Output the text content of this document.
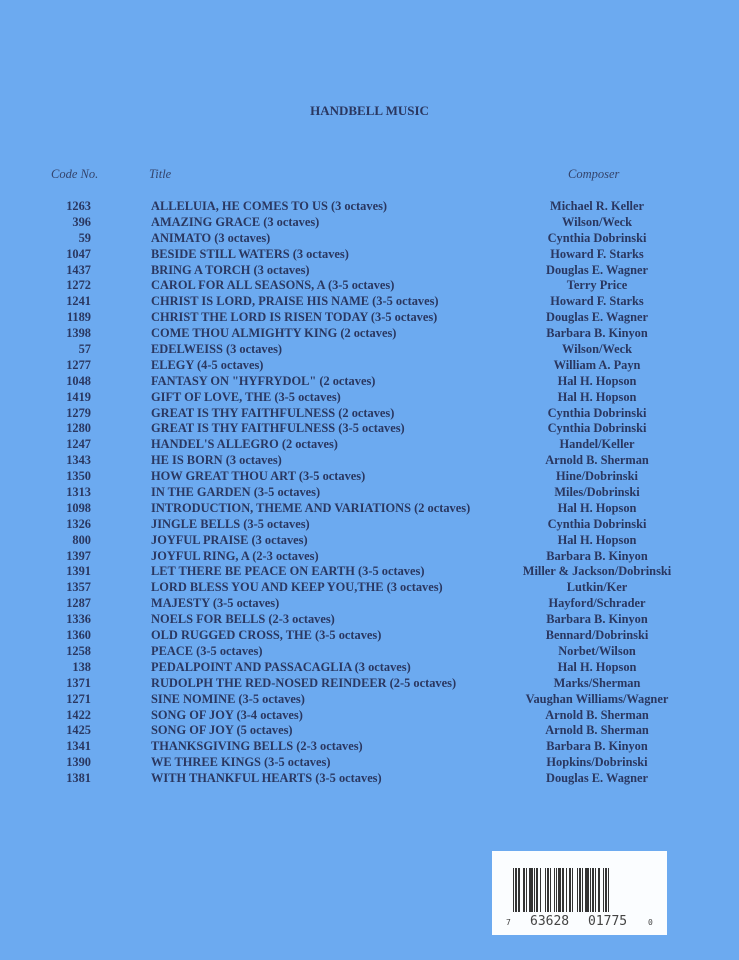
HANDBELL MUSIC
Code No.	Title	Composer
1263	ALLELUIA, HE COMES TO US (3 octaves)	Michael R. Keller
396	AMAZING GRACE (3 octaves)	Wilson/Weck
59	ANIMATO (3 octaves)	Cynthia Dobrinski
1047	BESIDE STILL WATERS (3 octaves)	Howard F. Starks
1437	BRING A TORCH (3 octaves)	Douglas E. Wagner
1272	CAROL FOR ALL SEASONS, A (3-5 octaves)	Terry Price
1241	CHRIST IS LORD, PRAISE HIS NAME (3-5 octaves)	Howard F. Starks
1189	CHRIST THE LORD IS RISEN TODAY (3-5 octaves)	Douglas E. Wagner
1398	COME THOU ALMIGHTY KING (2 octaves)	Barbara B. Kinyon
57	EDELWEISS (3 octaves)	Wilson/Weck
1277	ELEGY (4-5 octaves)	William A. Payn
1048	FANTASY ON "HYFRYDOL" (2 octaves)	Hal H. Hopson
1419	GIFT OF LOVE, THE (3-5 octaves)	Hal H. Hopson
1279	GREAT IS THY FAITHFULNESS (2 octaves)	Cynthia Dobrinski
1280	GREAT IS THY FAITHFULNESS (3-5 octaves)	Cynthia Dobrinski
1247	HANDEL'S ALLEGRO (2 octaves)	Handel/Keller
1343	HE IS BORN (3 octaves)	Arnold B. Sherman
1350	HOW GREAT THOU ART (3-5 octaves)	Hine/Dobrinski
1313	IN THE GARDEN (3-5 octaves)	Miles/Dobrinski
1098	INTRODUCTION, THEME AND VARIATIONS (2 octaves)	Hal H. Hopson
1326	JINGLE BELLS (3-5 octaves)	Cynthia Dobrinski
800	JOYFUL PRAISE (3 octaves)	Hal H. Hopson
1397	JOYFUL RING, A (2-3 octaves)	Barbara B. Kinyon
1391	LET THERE BE PEACE ON EARTH (3-5 octaves)	Miller & Jackson/Dobrinski
1357	LORD BLESS YOU AND KEEP YOU,THE (3 octaves)	Lutkin/Ker
1287	MAJESTY (3-5 octaves)	Hayford/Schrader
1336	NOELS FOR BELLS (2-3 octaves)	Barbara B. Kinyon
1360	OLD RUGGED CROSS, THE (3-5 octaves)	Bennard/Dobrinski
1258	PEACE (3-5 octaves)	Norbet/Wilson
138	PEDALPOINT AND PASSACAGLIA (3 octaves)	Hal H. Hopson
1371	RUDOLPH THE RED-NOSED REINDEER (2-5 octaves)	Marks/Sherman
1271	SINE NOMINE (3-5 octaves)	Vaughan Williams/Wagner
1422	SONG OF JOY (3-4 octaves)	Arnold B. Sherman
1425	SONG OF JOY (5 octaves)	Arnold B. Sherman
1341	THANKSGIVING BELLS (2-3 octaves)	Barbara B. Kinyon
1390	WE THREE KINGS (3-5 octaves)	Hopkins/Dobrinski
1381	WITH THANKFUL HEARTS (3-5 octaves)	Douglas E. Wagner
7 63628 01775	0
